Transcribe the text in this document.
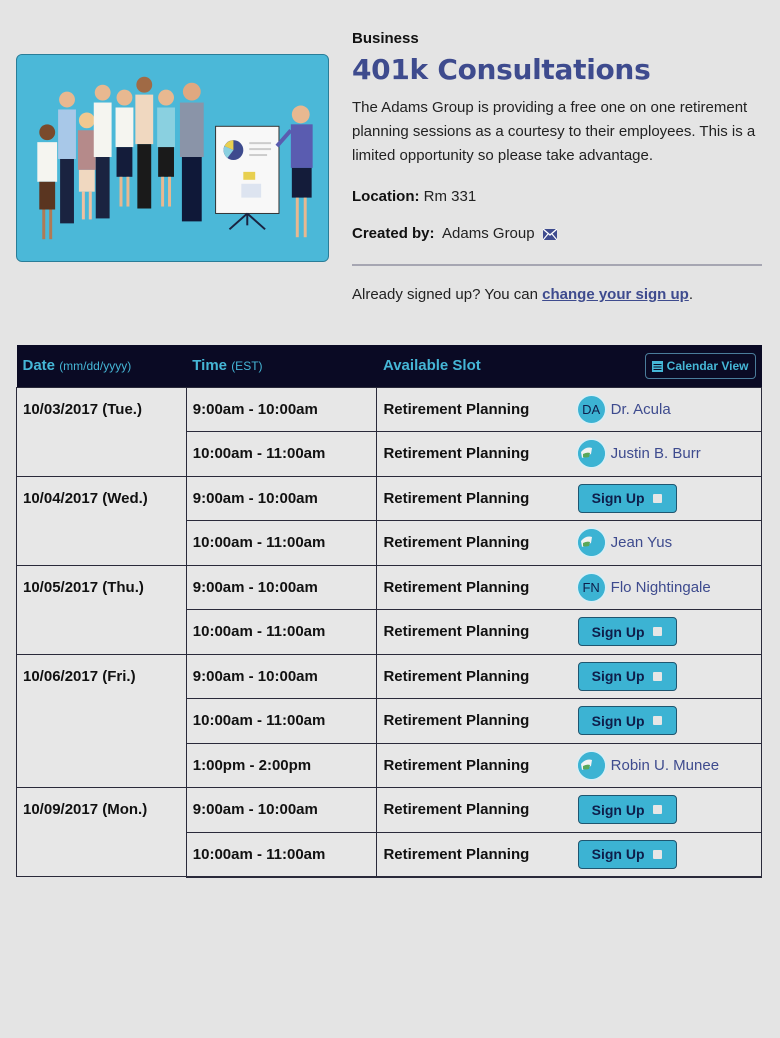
Business
401k Consultations

The Adams Group is providing a free one on one retirement planning sessions as a courtesy to their employees. This is a limited opportunity so please take advantage.

Location: Rm 331
Created by: Adams Group
Already signed up? You can change your sign up.
Date (mm/dd/yyyy)	Time (EST)	Available Slot	Calendar View

10/03/2017 (Tue.)	9:00am - 10:00am	Retirement Planning	DA Dr. Acula

	10:00am - 11:00am	Retirement Planning	Justin B. Burr

10/04/2017 (Wed.)	9:00am - 10:00am	Retirement Planning	Sign Up

	10:00am - 11:00am	Retirement Planning	Jean Yus

10/05/2017 (Thu.)	9:00am - 10:00am	Retirement Planning	FN Flo Nightingale

	10:00am - 11:00am	Retirement Planning	Sign Up

10/06/2017 (Fri.)	9:00am - 10:00am	Retirement Planning	Sign Up

	10:00am - 11:00am	Retirement Planning	Sign Up

	1:00pm - 2:00pm	Retirement Planning	Robin U. Munee

10/09/2017 (Mon.)	9:00am - 10:00am	Retirement Planning	Sign Up

	10:00am - 11:00am	Retirement Planning	Sign Up
